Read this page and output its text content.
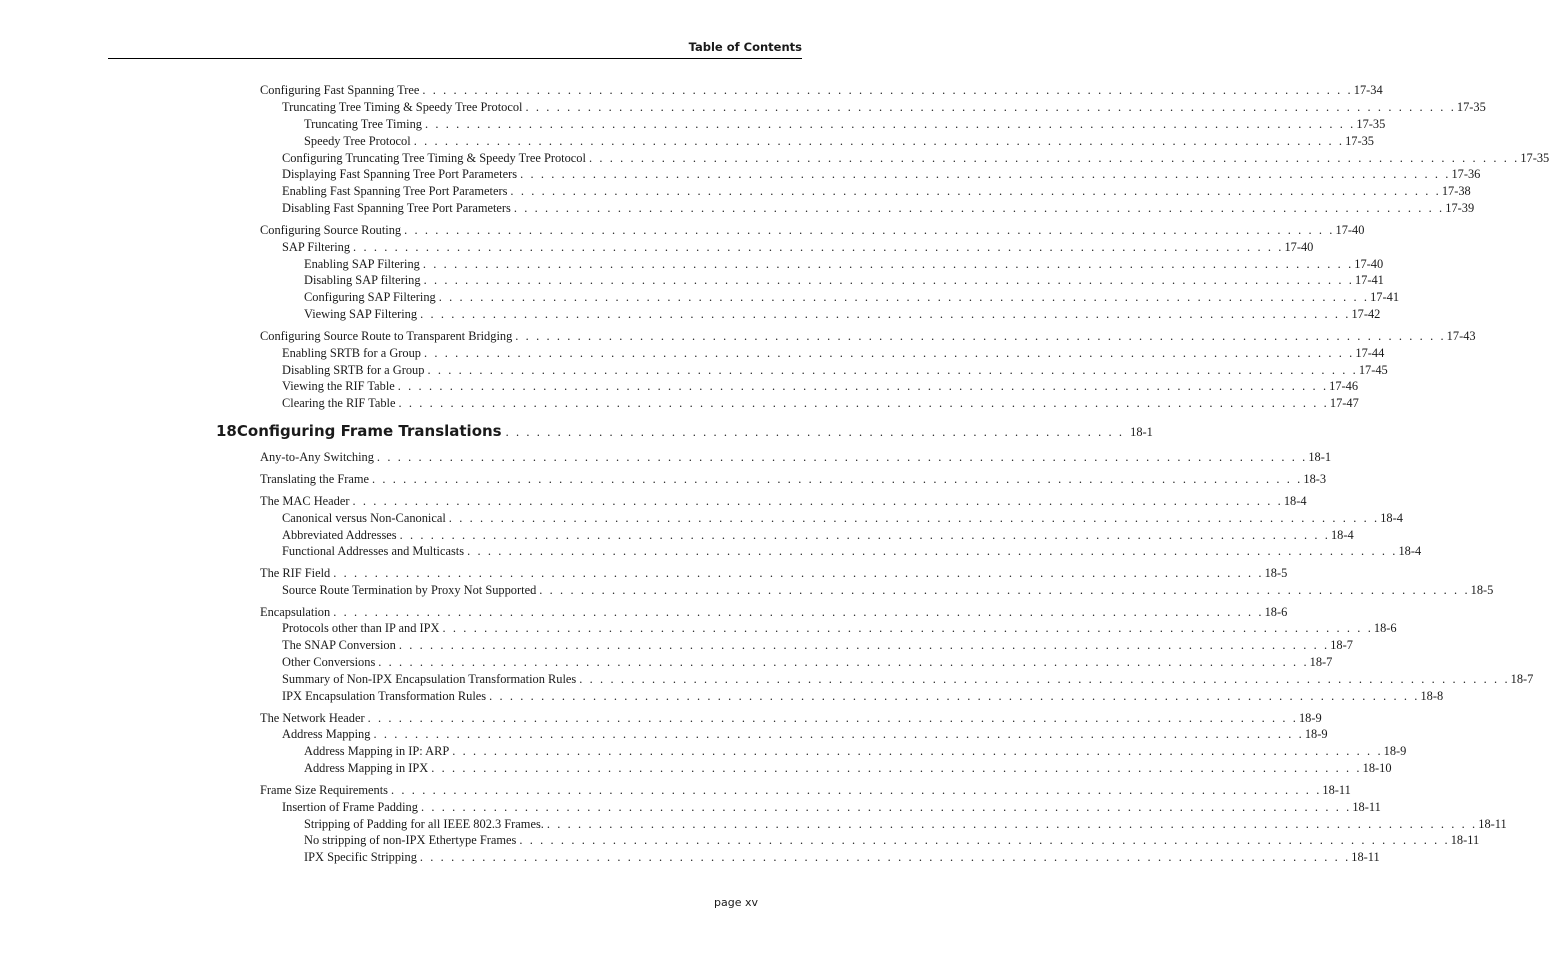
Table of Contents
Configuring Fast Spanning Tree . . . . . . . . . . . . . . . . . . . . . . . . . . . . . . . . . . . . . . . . . . . . . . . . . . . . . . . . . . . . . . . . . . . . . . . . . . . . . . . . . . . . . . . . . . 17-34
Truncating Tree Timing & Speedy Tree Protocol . . . . . . . . . . . . . . . . . . . . . . . . . . . . . . . . . . . . . . . . . . . . . . . . . . . . . . . . . . . . . . . . . . . . . . . . . . . . . . . . . . . . . . . . . . 17-35
Truncating Tree Timing . . . . . . . . . . . . . . . . . . . . . . . . . . . . . . . . . . . . . . . . . . . . . . . . . . . . . . . . . . . . . . . . . . . . . . . . . . . . . . . . . . . . . . . . . . 17-35
Speedy Tree Protocol . . . . . . . . . . . . . . . . . . . . . . . . . . . . . . . . . . . . . . . . . . . . . . . . . . . . . . . . . . . . . . . . . . . . . . . . . . . . . . . . . . . . . . . . . . 17-35
Configuring Truncating Tree Timing & Speedy Tree Protocol . . . . . . . . . . . . . . . . . . . . . . . . . . . . . . . . . . . . . . . . . . . . . . . . . . . . . . . . . . . . . . . . . . . . . . . . . . . . . . . . . . . . . . . . . . 17-35
Displaying Fast Spanning Tree Port Parameters . . . . . . . . . . . . . . . . . . . . . . . . . . . . . . . . . . . . . . . . . . . . . . . . . . . . . . . . . . . . . . . . . . . . . . . . . . . . . . . . . . . . . . . . . . 17-36
Enabling Fast Spanning Tree Port Parameters . . . . . . . . . . . . . . . . . . . . . . . . . . . . . . . . . . . . . . . . . . . . . . . . . . . . . . . . . . . . . . . . . . . . . . . . . . . . . . . . . . . . . . . . . . 17-38
Disabling Fast Spanning Tree Port Parameters . . . . . . . . . . . . . . . . . . . . . . . . . . . . . . . . . . . . . . . . . . . . . . . . . . . . . . . . . . . . . . . . . . . . . . . . . . . . . . . . . . . . . . . . . . 17-39
Configuring Source Routing . . . . . . . . . . . . . . . . . . . . . . . . . . . . . . . . . . . . . . . . . . . . . . . . . . . . . . . . . . . . . . . . . . . . . . . . . . . . . . . . . . . . . . . . . . 17-40
SAP Filtering . . . . . . . . . . . . . . . . . . . . . . . . . . . . . . . . . . . . . . . . . . . . . . . . . . . . . . . . . . . . . . . . . . . . . . . . . . . . . . . . . . . . . . . . . . 17-40
Enabling SAP Filtering . . . . . . . . . . . . . . . . . . . . . . . . . . . . . . . . . . . . . . . . . . . . . . . . . . . . . . . . . . . . . . . . . . . . . . . . . . . . . . . . . . . . . . . . . . 17-40
Disabling SAP filtering . . . . . . . . . . . . . . . . . . . . . . . . . . . . . . . . . . . . . . . . . . . . . . . . . . . . . . . . . . . . . . . . . . . . . . . . . . . . . . . . . . . . . . . . . . 17-41
Configuring SAP Filtering . . . . . . . . . . . . . . . . . . . . . . . . . . . . . . . . . . . . . . . . . . . . . . . . . . . . . . . . . . . . . . . . . . . . . . . . . . . . . . . . . . . . . . . . . . 17-41
Viewing SAP Filtering . . . . . . . . . . . . . . . . . . . . . . . . . . . . . . . . . . . . . . . . . . . . . . . . . . . . . . . . . . . . . . . . . . . . . . . . . . . . . . . . . . . . . . . . . . 17-42
Configuring Source Route to Transparent Bridging . . . . . . . . . . . . . . . . . . . . . . . . . . . . . . . . . . . . . . . . . . . . . . . . . . . . . . . . . . . . . . . . . . . . . . . . . . . . . . . . . . . . . . . . . . 17-43
Enabling SRTB for a Group . . . . . . . . . . . . . . . . . . . . . . . . . . . . . . . . . . . . . . . . . . . . . . . . . . . . . . . . . . . . . . . . . . . . . . . . . . . . . . . . . . . . . . . . . . 17-44
Disabling SRTB for a Group . . . . . . . . . . . . . . . . . . . . . . . . . . . . . . . . . . . . . . . . . . . . . . . . . . . . . . . . . . . . . . . . . . . . . . . . . . . . . . . . . . . . . . . . . . 17-45
Viewing the RIF Table . . . . . . . . . . . . . . . . . . . . . . . . . . . . . . . . . . . . . . . . . . . . . . . . . . . . . . . . . . . . . . . . . . . . . . . . . . . . . . . . . . . . . . . . . . 17-46
Clearing the RIF Table . . . . . . . . . . . . . . . . . . . . . . . . . . . . . . . . . . . . . . . . . . . . . . . . . . . . . . . . . . . . . . . . . . . . . . . . . . . . . . . . . . . . . . . . . . 17-47
18 Configuring Frame Translations . . . . . . . . . . . . . . . . . . . . . . . . . . . . . . . . . . . . . . . . . . . . . . . . . . . . . . . . . . . . 18-1
Any-to-Any Switching . . . . . . . . . . . . . . . . . . . . . . . . . . . . . . . . . . . . . . . . . . . . . . . . . . . . . . . . . . . . . . . . . . . . . . . . . . . . . . . . . . . . . . . . . . 18-1
Translating the Frame . . . . . . . . . . . . . . . . . . . . . . . . . . . . . . . . . . . . . . . . . . . . . . . . . . . . . . . . . . . . . . . . . . . . . . . . . . . . . . . . . . . . . . . . . . 18-3
The MAC Header . . . . . . . . . . . . . . . . . . . . . . . . . . . . . . . . . . . . . . . . . . . . . . . . . . . . . . . . . . . . . . . . . . . . . . . . . . . . . . . . . . . . . . . . . . 18-4
Canonical versus Non-Canonical . . . . . . . . . . . . . . . . . . . . . . . . . . . . . . . . . . . . . . . . . . . . . . . . . . . . . . . . . . . . . . . . . . . . . . . . . . . . . . . . . . . . . . . . . . 18-4
Abbreviated Addresses . . . . . . . . . . . . . . . . . . . . . . . . . . . . . . . . . . . . . . . . . . . . . . . . . . . . . . . . . . . . . . . . . . . . . . . . . . . . . . . . . . . . . . . . . . 18-4
Functional Addresses and Multicasts . . . . . . . . . . . . . . . . . . . . . . . . . . . . . . . . . . . . . . . . . . . . . . . . . . . . . . . . . . . . . . . . . . . . . . . . . . . . . . . . . . . . . . . . . . 18-4
The RIF Field . . . . . . . . . . . . . . . . . . . . . . . . . . . . . . . . . . . . . . . . . . . . . . . . . . . . . . . . . . . . . . . . . . . . . . . . . . . . . . . . . . . . . . . . . . 18-5
Source Route Termination by Proxy Not Supported . . . . . . . . . . . . . . . . . . . . . . . . . . . . . . . . . . . . . . . . . . . . . . . . . . . . . . . . . . . . . . . . . . . . . . . . . . . . . . . . . . . . . . . . . . 18-5
Encapsulation . . . . . . . . . . . . . . . . . . . . . . . . . . . . . . . . . . . . . . . . . . . . . . . . . . . . . . . . . . . . . . . . . . . . . . . . . . . . . . . . . . . . . . . . . . 18-6
Protocols other than IP and IPX . . . . . . . . . . . . . . . . . . . . . . . . . . . . . . . . . . . . . . . . . . . . . . . . . . . . . . . . . . . . . . . . . . . . . . . . . . . . . . . . . . . . . . . . . . 18-6
The SNAP Conversion . . . . . . . . . . . . . . . . . . . . . . . . . . . . . . . . . . . . . . . . . . . . . . . . . . . . . . . . . . . . . . . . . . . . . . . . . . . . . . . . . . . . . . . . . . 18-7
Other Conversions . . . . . . . . . . . . . . . . . . . . . . . . . . . . . . . . . . . . . . . . . . . . . . . . . . . . . . . . . . . . . . . . . . . . . . . . . . . . . . . . . . . . . . . . . . 18-7
Summary of Non-IPX Encapsulation Transformation Rules . . . . . . . . . . . . . . . . . . . . . . . . . . . . . . . . . . . . . . . . . . . . . . . . . . . . . . . . . . . . . . . . . . . . . . . . . . . . . . . . . . . . . . . . . . 18-7
IPX Encapsulation Transformation Rules . . . . . . . . . . . . . . . . . . . . . . . . . . . . . . . . . . . . . . . . . . . . . . . . . . . . . . . . . . . . . . . . . . . . . . . . . . . . . . . . . . . . . . . . . . 18-8
The Network Header . . . . . . . . . . . . . . . . . . . . . . . . . . . . . . . . . . . . . . . . . . . . . . . . . . . . . . . . . . . . . . . . . . . . . . . . . . . . . . . . . . . . . . . . . . 18-9
Address Mapping . . . . . . . . . . . . . . . . . . . . . . . . . . . . . . . . . . . . . . . . . . . . . . . . . . . . . . . . . . . . . . . . . . . . . . . . . . . . . . . . . . . . . . . . . . 18-9
Address Mapping in IP: ARP . . . . . . . . . . . . . . . . . . . . . . . . . . . . . . . . . . . . . . . . . . . . . . . . . . . . . . . . . . . . . . . . . . . . . . . . . . . . . . . . . . . . . . . . . . 18-9
Address Mapping in IPX . . . . . . . . . . . . . . . . . . . . . . . . . . . . . . . . . . . . . . . . . . . . . . . . . . . . . . . . . . . . . . . . . . . . . . . . . . . . . . . . . . . . . . . . . . 18-10
Frame Size Requirements . . . . . . . . . . . . . . . . . . . . . . . . . . . . . . . . . . . . . . . . . . . . . . . . . . . . . . . . . . . . . . . . . . . . . . . . . . . . . . . . . . . . . . . . . . 18-11
Insertion of Frame Padding . . . . . . . . . . . . . . . . . . . . . . . . . . . . . . . . . . . . . . . . . . . . . . . . . . . . . . . . . . . . . . . . . . . . . . . . . . . . . . . . . . . . . . . . . . 18-11
Stripping of Padding for all IEEE 802.3 Frames. . . . . . . . . . . . . . . . . . . . . . . . . . . . . . . . . . . . . . . . . . . . . . . . . . . . . . . . . . . . . . . . . . . . . . . . . . . . . . . . . . . . . . . . . . . 18-11
No stripping of non-IPX Ethertype Frames . . . . . . . . . . . . . . . . . . . . . . . . . . . . . . . . . . . . . . . . . . . . . . . . . . . . . . . . . . . . . . . . . . . . . . . . . . . . . . . . . . . . . . . . . . 18-11
IPX Specific Stripping . . . . . . . . . . . . . . . . . . . . . . . . . . . . . . . . . . . . . . . . . . . . . . . . . . . . . . . . . . . . . . . . . . . . . . . . . . . . . . . . . . . . . . . . . . 18-11
page xv
